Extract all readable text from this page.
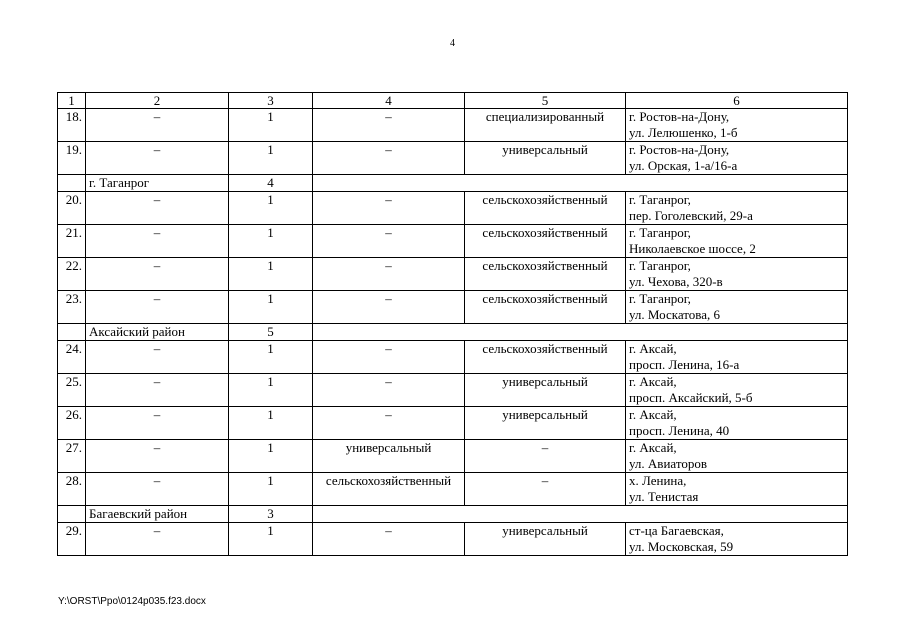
4
1	2	3	4	5	6
18.	–	1	–	специализированный	г. Ростов-на-Дону,
ул. Лелюшенко, 1-б

19.	–	1	–	универсальный	г. Ростов-на-Дону,
ул. Орская, 1-а/16-а

	г. Таганрог	4			
20.	–	1	–	сельскохозяйственный	г. Таганрог,
пер. Гоголевский, 29-а

21.	–	1	–	сельскохозяйственный	г. Таганрог,
Николаевское шоссе, 2

22.	–	1	–	сельскохозяйственный	г. Таганрог,
ул. Чехова, 320-в

23.	–	1	–	сельскохозяйственный	г. Таганрог,
ул. Москатова, 6

	Аксайский район	5			
24.	–	1	–	сельскохозяйственный	г. Аксай,
просп. Ленина, 16-а

25.	–	1	–	универсальный	г. Аксай,
просп. Аксайский, 5-б

26.	–	1	–	универсальный	г. Аксай,
просп. Ленина, 40

27.	–	1	универсальный	–	г. Аксай,
ул. Авиаторов

28.	–	1	сельскохозяйственный	–	х. Ленина,
ул. Тенистая

	Багаевский район	3			
29.	–	1	–	универсальный	ст-ца Багаевская,
ул. Московская, 59
Y:\ORST\Ppo\0124p035.f23.docx
